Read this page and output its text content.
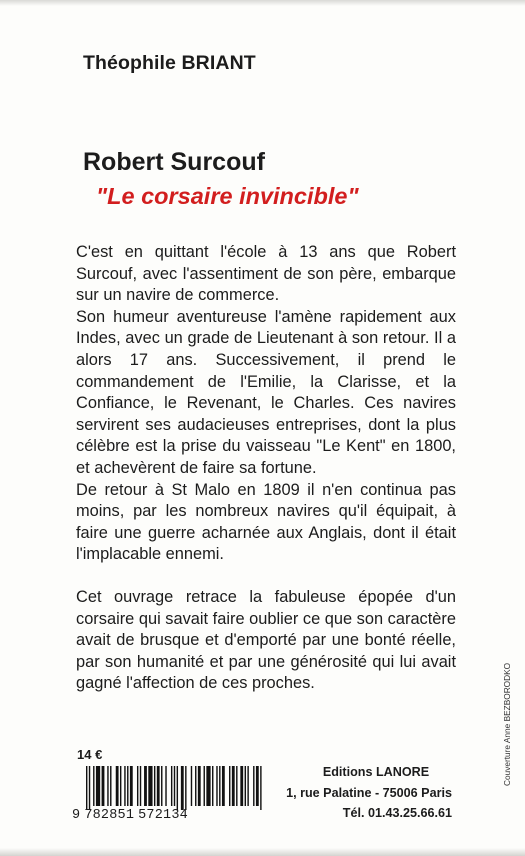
Théophile BRIANT
Robert Surcouf
"Le corsaire invincible"

C'est en quittant l'école à 13 ans que Robert Surcouf, avec l'assentiment de son père, embarque sur un navire de commerce.

Son humeur aventureuse l'amène rapidement aux Indes, avec un grade de Lieutenant à son retour. Il a alors 17 ans. Successivement, il prend le commandement de l'Emilie, la Clarisse, et la Confiance, le Revenant, le Charles. Ces navires servirent ses audacieuses entreprises, dont la plus célèbre est la prise du vaisseau "Le Kent" en 1800, et achevèrent de faire sa fortune.

De retour à St Malo en 1809 il n'en continua pas moins, par les nombreux navires qu'il équipait, à faire une guerre acharnée aux Anglais, dont il était l'implacable ennemi.

Cet ouvrage retrace la fabuleuse épopée d'un corsaire qui savait faire oublier ce que son caractère avait de brusque et d'emporté par une bonté réelle, par son humanité et par une générosité qui lui avait gagné l'affection de ces proches.

14 €
9 782851 572134
Editions LANORE
1, rue Palatine - 75006 Paris
Tél. 01.43.25.66.61
Couverture Anne BEZBORODKO
